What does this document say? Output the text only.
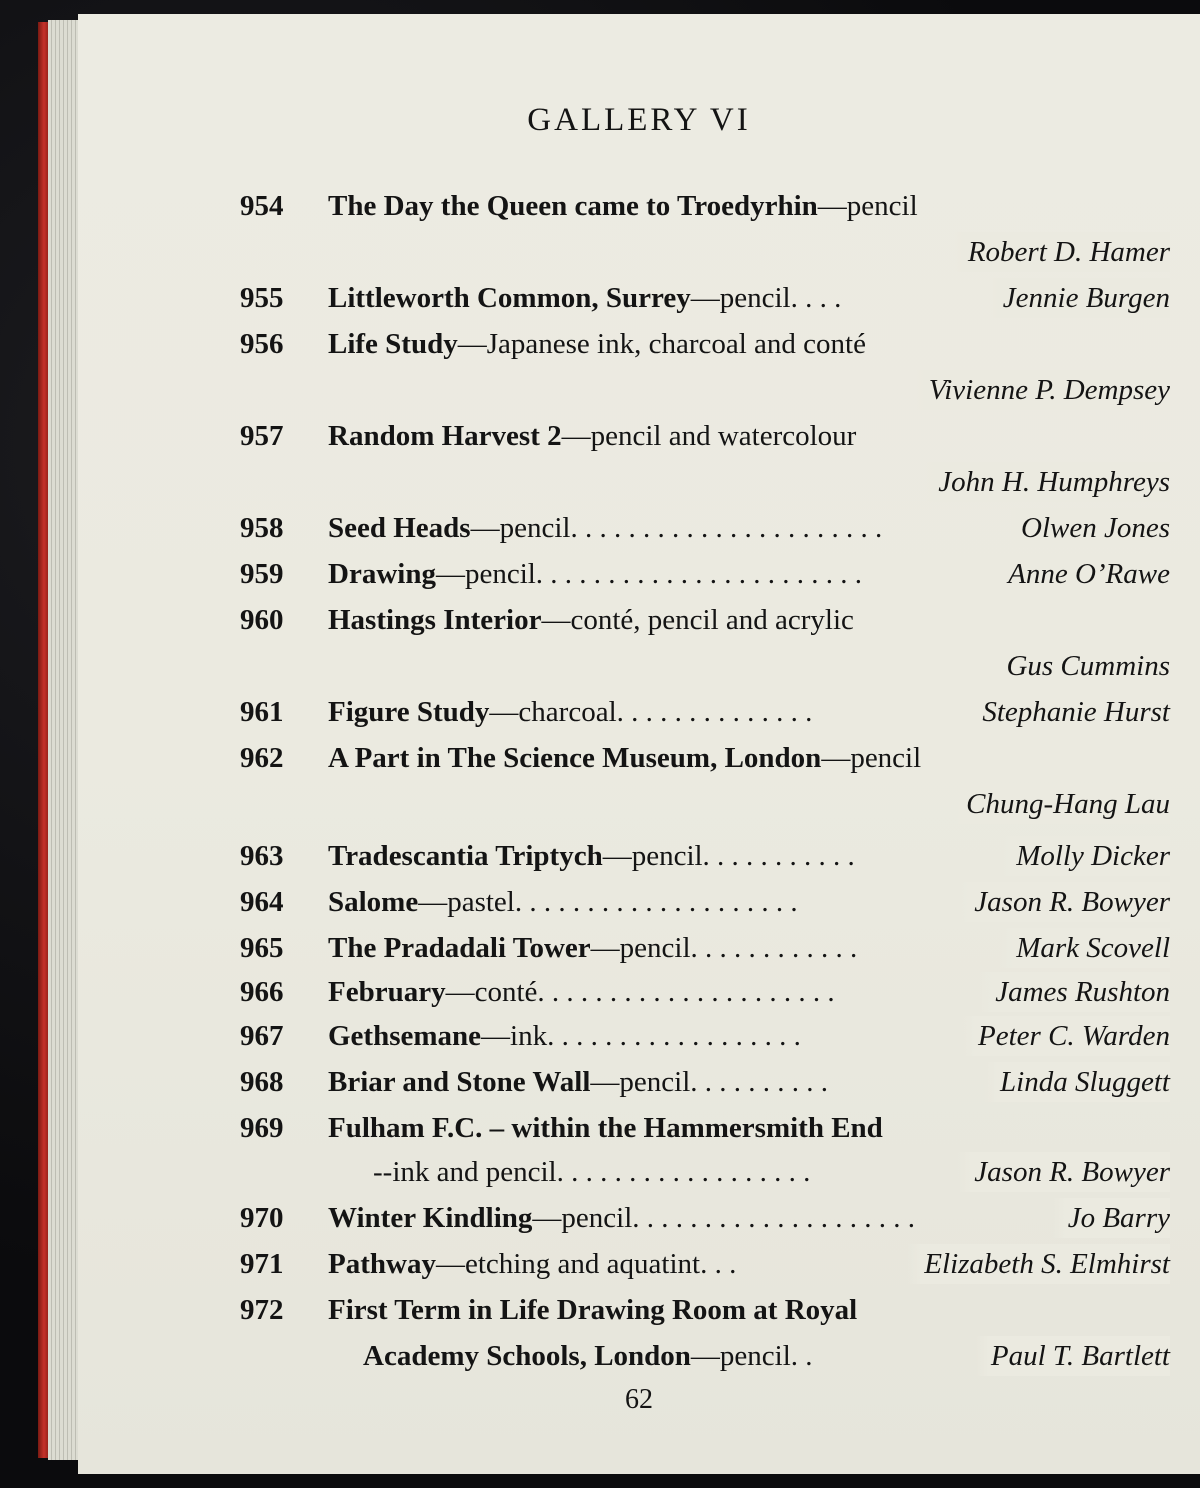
GALLERY VI
954 The Day the Queen came to Troedyrhin—pencil
Robert D. Hamer
955 Littleworth Common, Surrey—pencil. . . .	Jennie Burgen
956 Life Study—Japanese ink, charcoal and conté
Vivienne P. Dempsey
957 Random Harvest 2—pencil and watercolour
John H. Humphreys
958 Seed Heads—pencil. . . . . . . . . . . . . . . . . . . . . .	Olwen Jones
959 Drawing—pencil. . . . . . . . . . . . . . . . . . . . . . .	Anne O’Rawe
960 Hastings Interior—conté, pencil and acrylic
Gus Cummins
961 Figure Study—charcoal. . . . . . . . . . . . . .	Stephanie Hurst
962 A Part in The Science Museum, London—pencil
Chung-Hang Lau
963 Tradescantia Triptych—pencil. . . . . . . . . . .	Molly Dicker
964 Salome—pastel. . . . . . . . . . . . . . . . . . . .	Jason R. Bowyer
965 The Pradadali Tower—pencil. . . . . . . . . . . .	Mark Scovell
966 February—conté. . . . . . . . . . . . . . . . . . . . .	James Rushton
967 Gethsemane—ink. . . . . . . . . . . . . . . . . .	Peter C. Warden
968 Briar and Stone Wall—pencil. . . . . . . . . .	Linda Sluggett
969 Fulham F.C. – within the Hammersmith End
--ink and pencil. . . . . . . . . . . . . . . . . .	Jason R. Bowyer
970 Winter Kindling—pencil. . . . . . . . . . . . . . . . . . . .	Jo Barry
971 Pathway—etching and aquatint. . .	Elizabeth S. Elmhirst
972 First Term in Life Drawing Room at Royal
Academy Schools, London—pencil. .	Paul T. Bartlett
62
